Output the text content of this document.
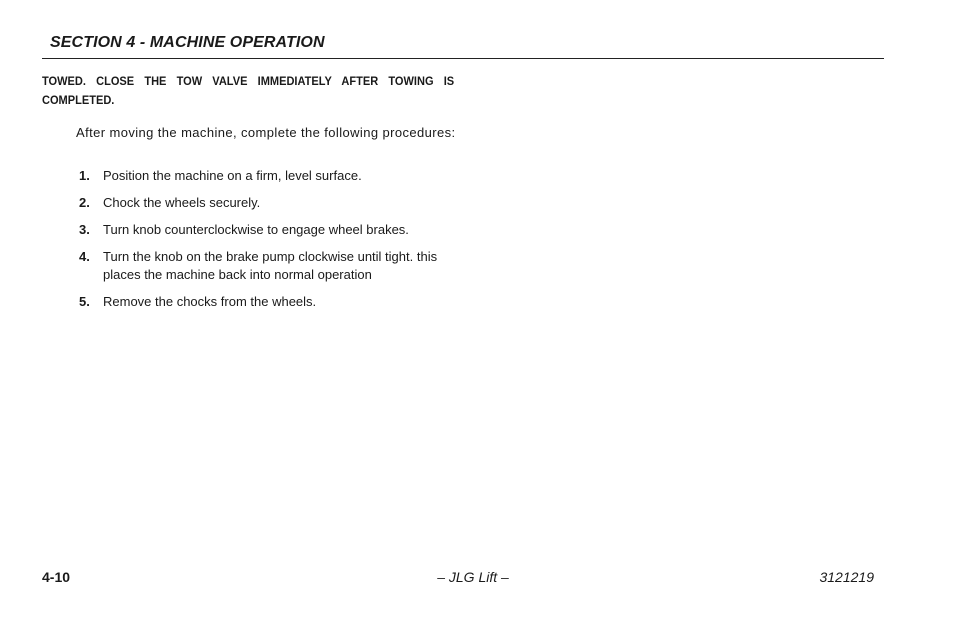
SECTION 4 - MACHINE OPERATION
TOWED. CLOSE THE TOW VALVE IMMEDIATELY AFTER TOWING IS COMPLETED.
After moving the machine, complete the following procedures:
1.	Position the machine on a firm, level surface.
2.	Chock the wheels securely.
3.	Turn knob counterclockwise to engage wheel brakes.
4.	Turn the knob on the brake pump clockwise until tight. this places the machine back into normal operation
5.	Remove the chocks from the wheels.
4-10	– JLG Lift –	3121219
